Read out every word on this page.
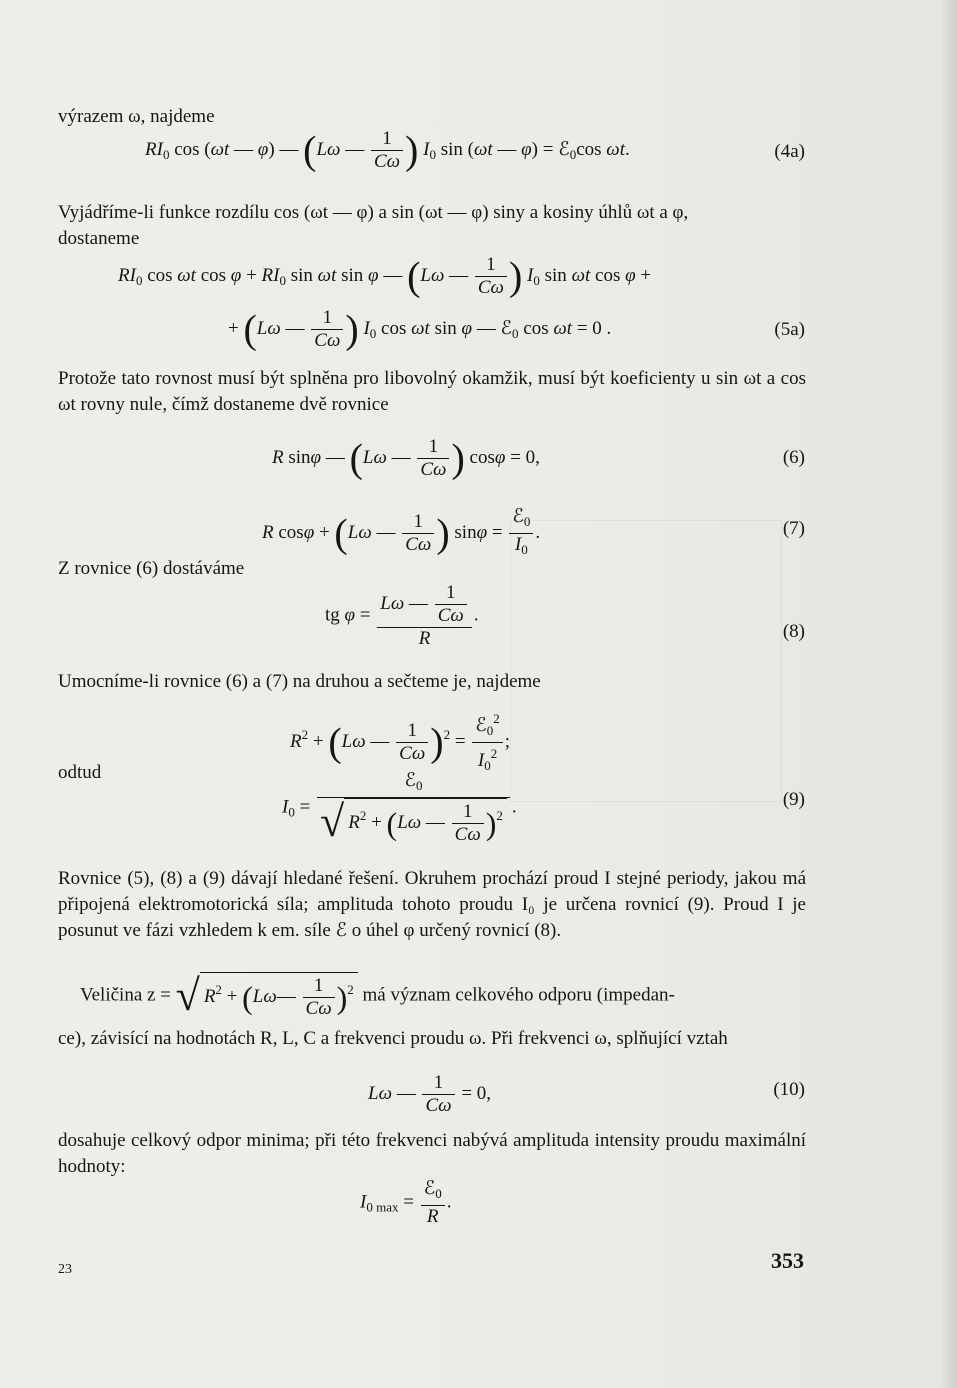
výrazem ω, najdeme
$RI_0$ cos (ωt — φ) — (Lω — $\frac{1}{C\omega}$ ) $I_0$ sin (ωt — φ) = ℰ$_0$cos ωt.	(4a)
Vyjádříme-li funkce rozdílu cos (ωt — φ) a sin (ωt — φ) siny a kosiny úhlů ωt a φ,
dostaneme
$RI_0$ cos ωt $\cos \varphi + RI_0$ sin ωt sin φ — (Lω — $\frac{1}{C\omega}$ ) $I_0$ sin ωt cos φ +
+ (Lω — $\frac{1}{C\omega}$ ) $I_0$ cos ωt sin φ — ℰ$_0$ cos ωt = 0 .	(5a)
Protože tato rovnost musí být splněna pro libovolný okamžik, musí být koeficienty u sin ωt a cos ωt rovny nule, čímž dostaneme dvě rovnice
R sinφ — (Lω — $\frac{1}{C\omega}$ ) cosφ = 0,	(6)
R cosφ + (Lω — $\frac{1}{C\omega}$ ) $\sin\varphi = \frac{ℰ_0}{I_0}$ .	(7)
Z rovnice (6) dostáváme
tg $\varphi = \frac{L\omega — \frac{1}{C\omega}}{R}$ .
(8)
Umocníme-li rovnice (6) a (7) na druhou a sečteme je, najdeme
$R^2 + (L\omega$ — $\frac{1}{C\omega} )^2 = \frac{ℰ_0^2}{I_0^2}$ ;
odtud
$I_0 = \frac{ℰ_0}{√ R^2 + (L\omega — \frac{1}{C\omega} )^2}$ .	(9)
Rovnice (5), (8) a (9) dávají hledané řešení. Okruhem prochází proud I stejné periody, jakou má připojená elektromotorická síla; amplituda tohoto proudu I₀ je určena rovnicí (9). Proud I je posunut ve fázi vzhledem k em. síle ℰ o úhel φ určený rovnicí (8).
Veličina z = √ $R^2$ + (Lω— $\frac{1}{C\omega} )^2$ má význam celkového odporu (impedan-
ce), závisící na hodnotách R, L, C a frekvenci proudu ω. Při frekvenci ω, splňující vztah
Lω — $\frac{1}{C\omega} = 0$,	(10)
dosahuje celkový odpor minima; při této frekvenci nabývá amplituda intensity proudu maximální hodnoty:
$I_{0 max} = \frac{ℰ_0}{R}$ .
23	353
